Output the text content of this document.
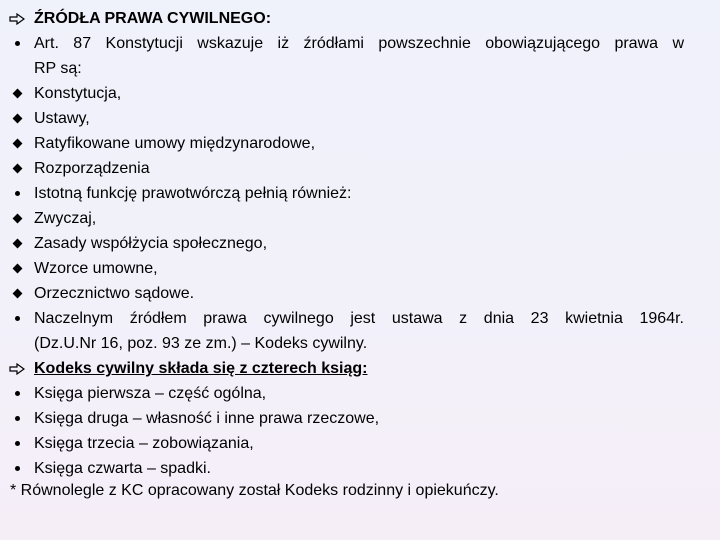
ŹRÓDŁA PRAWA CYWILNEGO:
Art. 87 Konstytucji wskazuje iż źródłami powszechnie obowiązującego prawa w
RP są:
Konstytucja,
Ustawy,
Ratyfikowane umowy międzynarodowe,
Rozporządzenia
Istotną funkcję prawotwórczą pełnią również:
Zwyczaj,
Zasady współżycia społecznego,
Wzorce umowne,
Orzecznictwo sądowe.
Naczelnym źródłem prawa cywilnego jest ustawa z dnia 23 kwietnia 1964r.
(Dz.U.Nr 16, poz. 93 ze zm.) – Kodeks cywilny.
Kodeks cywilny składa się z czterech ksiąg:
Księga pierwsza – część ogólna,
Księga druga – własność i inne prawa rzeczowe,
Księga trzecia – zobowiązania,
Księga czwarta – spadki.
* Równolegle z KC opracowany został Kodeks rodzinny i opiekuńczy.
